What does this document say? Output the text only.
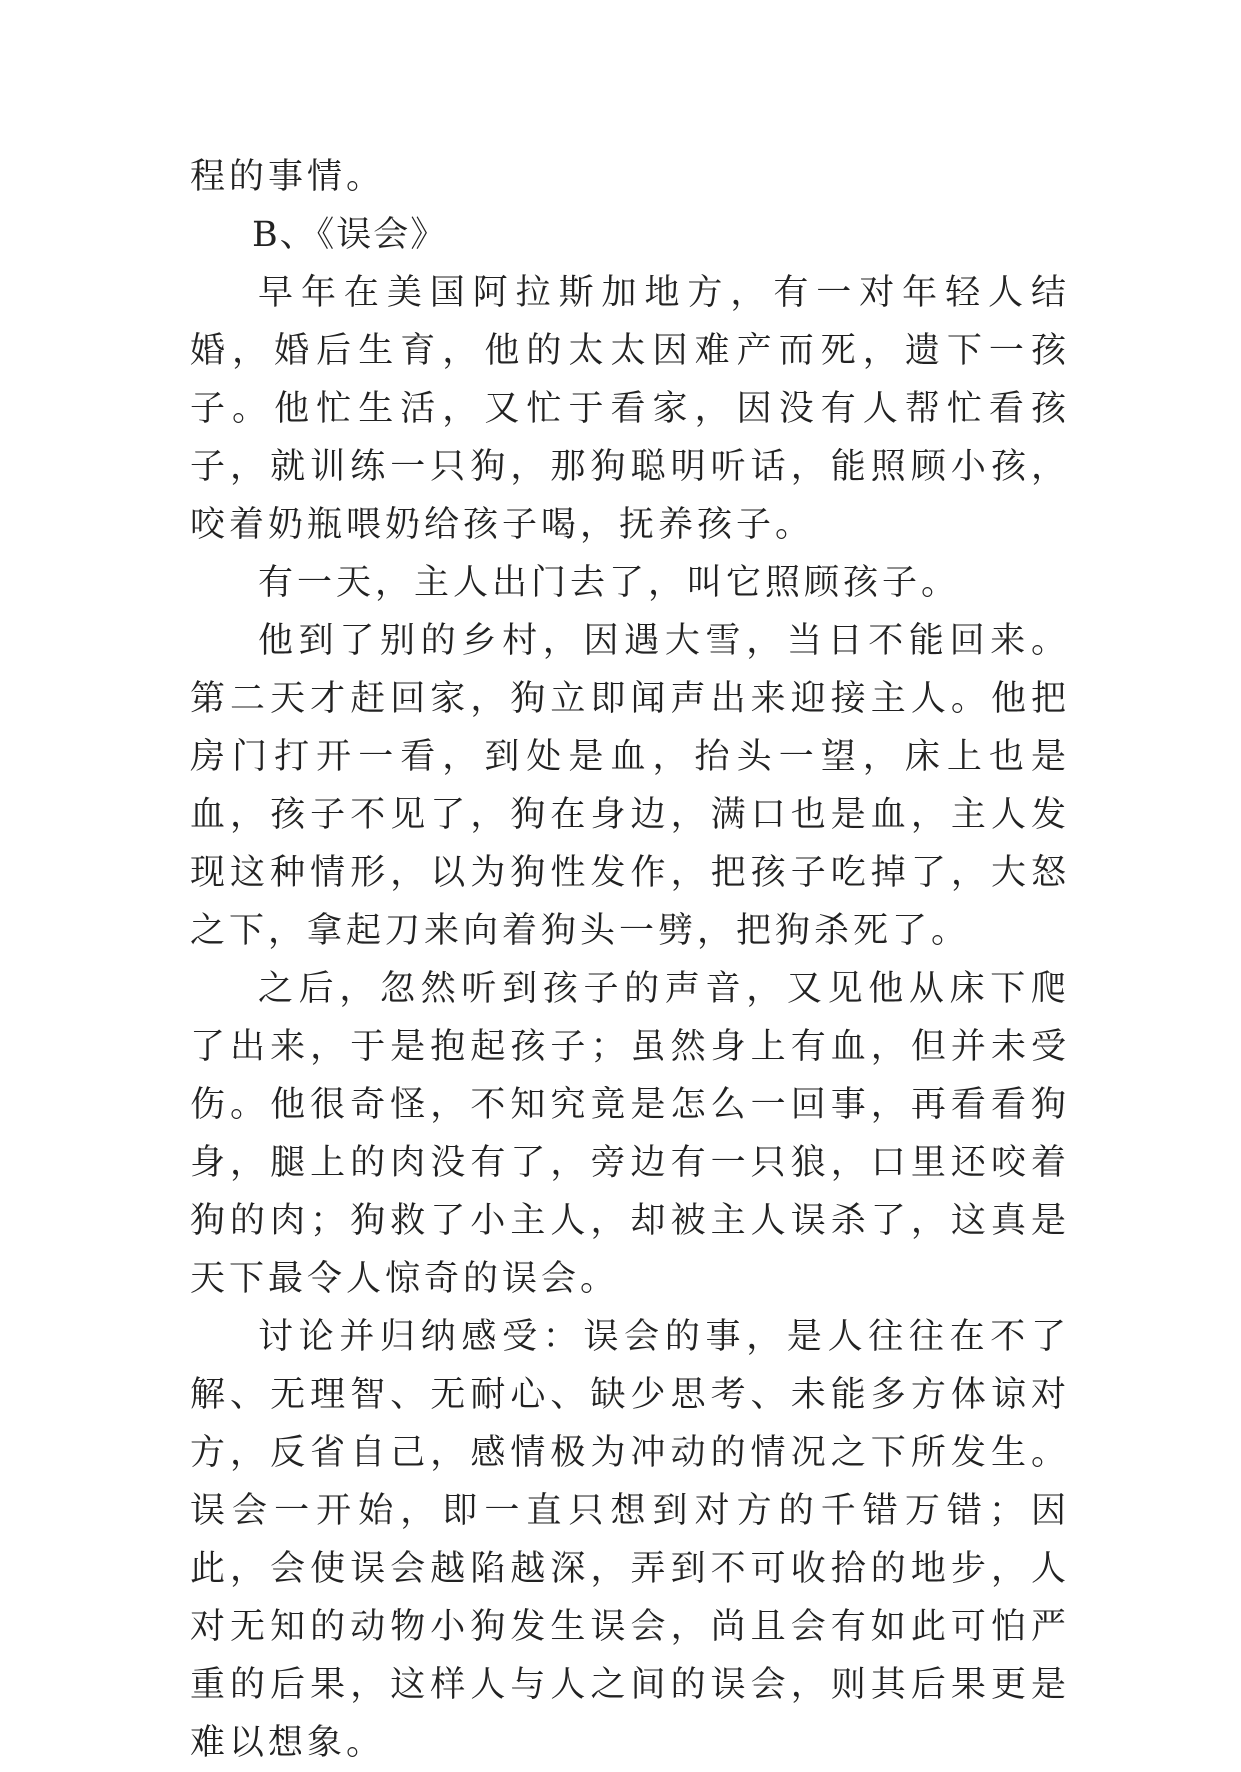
程的事情。

B、《误会》

早年在美国阿拉斯加地方，有一对年轻人结婚，婚后生育，他的太太因难产而死，遗下一孩子。他忙生活，又忙于看家，因没有人帮忙看孩子，就训练一只狗，那狗聪明听话，能照顾小孩，咬着奶瓶喂奶给孩子喝，抚养孩子。

有一天，主人出门去了，叫它照顾孩子。

他到了别的乡村，因遇大雪，当日不能回来。第二天才赶回家，狗立即闻声出来迎接主人。他把房门打开一看，到处是血，抬头一望，床上也是血，孩子不见了，狗在身边，满口也是血，主人发现这种情形，以为狗性发作，把孩子吃掉了，大怒之下，拿起刀来向着狗头一劈，把狗杀死了。

之后，忽然听到孩子的声音，又见他从床下爬了出来，于是抱起孩子；虽然身上有血，但并未受伤。他很奇怪，不知究竟是怎么一回事，再看看狗身，腿上的肉没有了，旁边有一只狼，口里还咬着狗的肉；狗救了小主人，却被主人误杀了，这真是天下最令人惊奇的误会。

讨论并归纳感受：误会的事，是人往往在不了解、无理智、无耐心、缺少思考、未能多方体谅对方，反省自己，感情极为冲动的情况之下所发生。误会一开始，即一直只想到对方的千错万错；因此，会使误会越陷越深，弄到不可收拾的地步，人对无知的动物小狗发生误会，尚且会有如此可怕严重的后果，这样人与人之间的误会，则其后果更是难以想象。
